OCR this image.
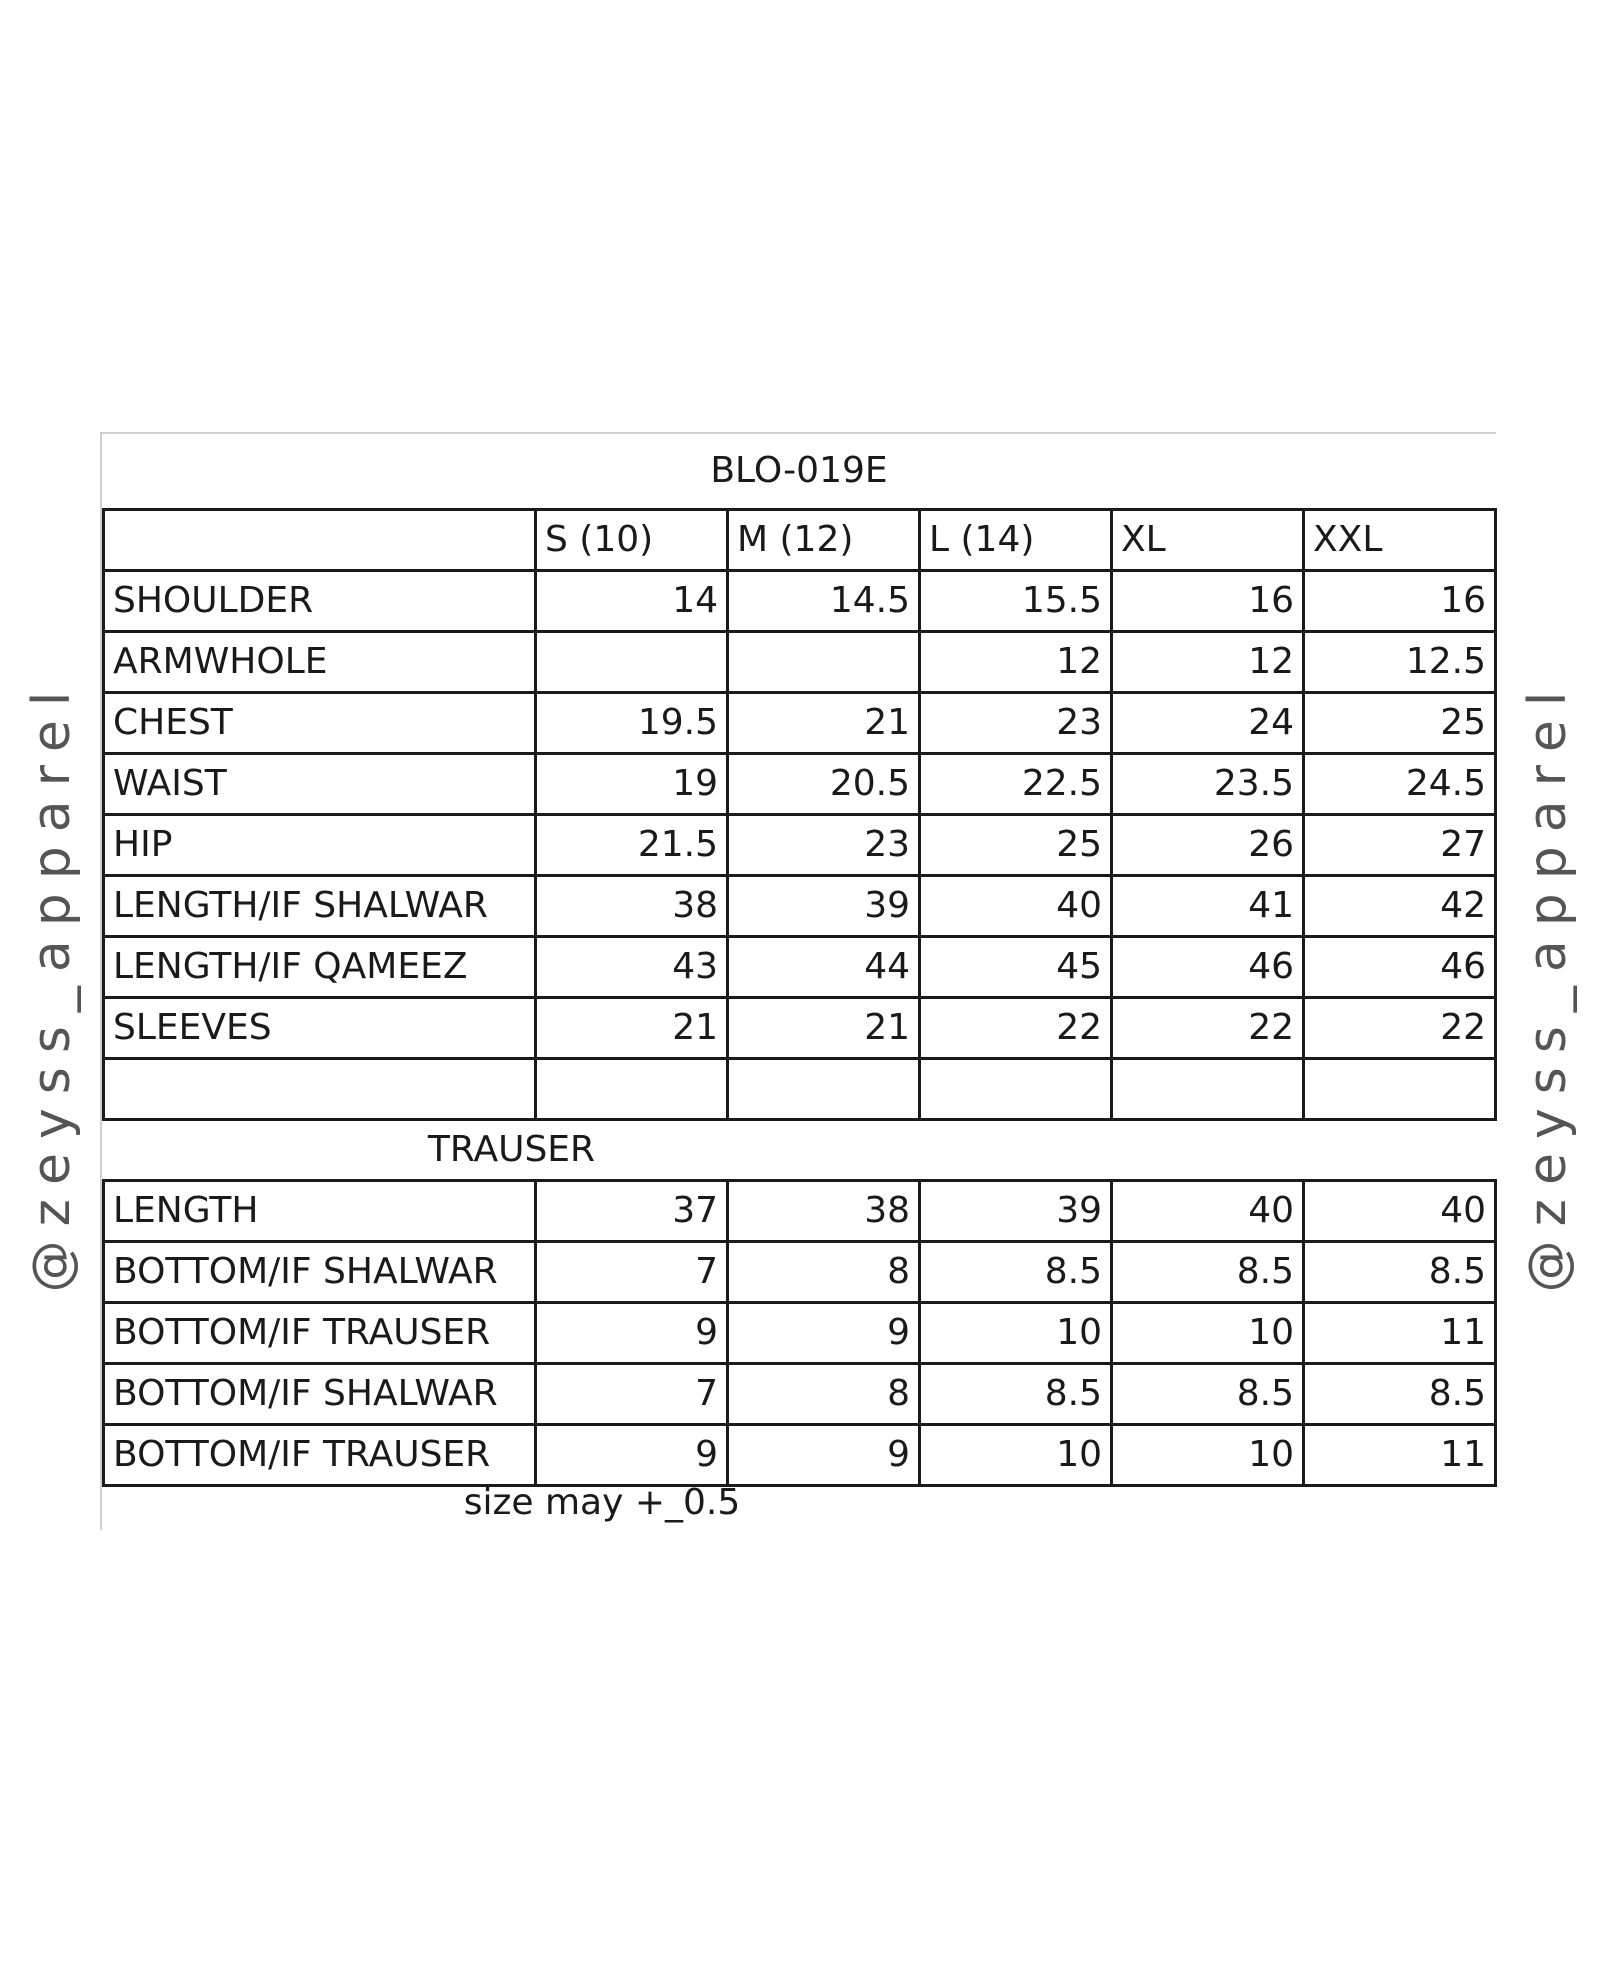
@zeyss_apparel	@zeyss_apparel
BLO-019E
	S (10)	M (12)	L (14)	XL	XXL
SHOULDER	14	14.5	15.5	16	16
ARMWHOLE			12	12	12.5
CHEST	19.5	21	23	24	25
WAIST	19	20.5	22.5	23.5	24.5
HIP	21.5	23	25	26	27
LENGTH/IF SHALWAR	38	39	40	41	42
LENGTH/IF QAMEEZ	43	44	45	46	46
SLEEVES	21	21	22	22	22

TRAUSER					
LENGTH	37	38	39	40	40
BOTTOM/IF SHALWAR	7	8	8.5	8.5	8.5
BOTTOM/IF TRAUSER	9	9	10	10	11
BOTTOM/IF SHALWAR	7	8	8.5	8.5	8.5
BOTTOM/IF TRAUSER	9	9	10	10	11
size may +_0.5
